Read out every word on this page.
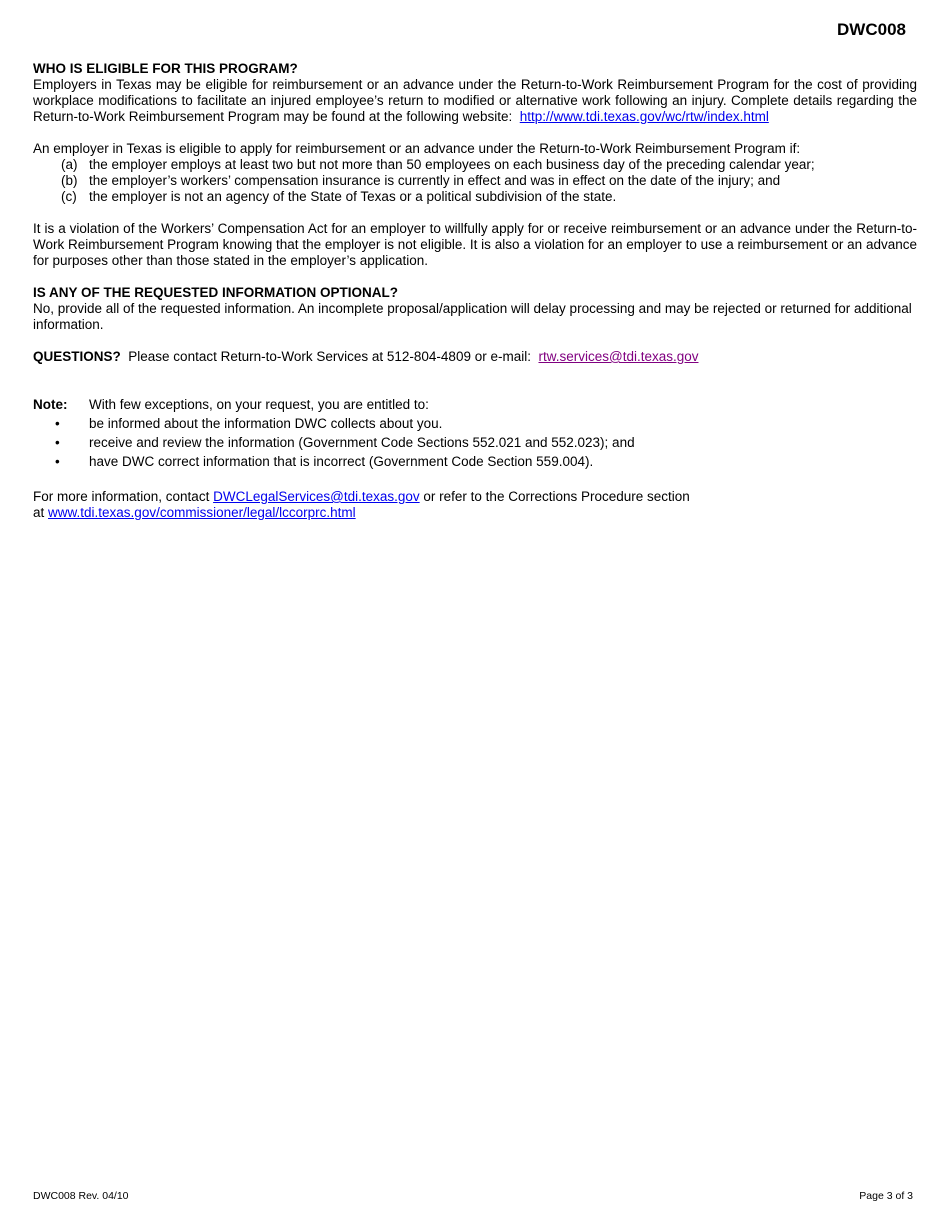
DWC008

WHO IS ELIGIBLE FOR THIS PROGRAM?

Employers in Texas may be eligible for reimbursement or an advance under the Return-to-Work Reimbursement Program for the cost of providing workplace modifications to facilitate an injured employee’s return to modified or alternative work following an injury. Complete details regarding the Return-to-Work Reimbursement Program may be found at the following website: http://www.tdi.texas.gov/wc/rtw/index.html

An employer in Texas is eligible to apply for reimbursement or an advance under the Return-to-Work Reimbursement Program if:

(a) the employer employs at least two but not more than 50 employees on each business day of the preceding calendar year;
(b) the employer’s workers’ compensation insurance is currently in effect and was in effect on the date of the injury; and
(c) the employer is not an agency of the State of Texas or a political subdivision of the state.

It is a violation of the Workers’ Compensation Act for an employer to willfully apply for or receive reimbursement or an advance under the Return-to-Work Reimbursement Program knowing that the employer is not eligible. It is also a violation for an employer to use a reimbursement or an advance for purposes other than those stated in the employer’s application.

IS ANY OF THE REQUESTED INFORMATION OPTIONAL?

No, provide all of the requested information. An incomplete proposal/application will delay processing and may be rejected or returned for additional information.

QUESTIONS? Please contact Return-to-Work Services at 512-804-4809 or e-mail: rtw.services@tdi.texas.gov

Note: With few exceptions, on your request, you are entitled to:
• be informed about the information DWC collects about you.
• receive and review the information (Government Code Sections 552.021 and 552.023); and
• have DWC correct information that is incorrect (Government Code Section 559.004).

For more information, contact DWCLegalServices@tdi.texas.gov or refer to the Corrections Procedure section
at www.tdi.texas.gov/commissioner/legal/lccorprc.html

DWC008 Rev. 04/10	Page 3 of 3
